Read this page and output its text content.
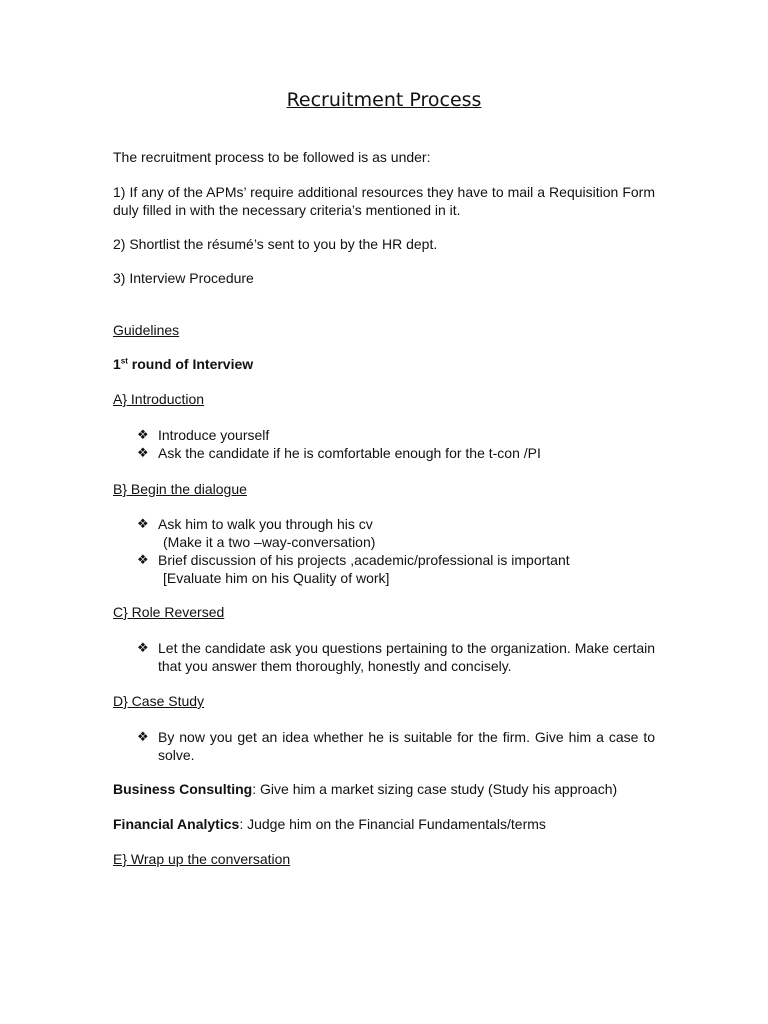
Recruitment Process
The recruitment process to be followed is as under:
1) If any of the APMs’ require additional resources they have to mail a Requisition Form duly filled in with the necessary criteria’s mentioned in it.
2) Shortlist the résumé’s sent to you by the HR dept.
3) Interview Procedure
Guidelines
1st round of Interview
A} Introduction
❖ Introduce yourself
❖ Ask the candidate if he is comfortable enough for the t-con /PI
B} Begin the dialogue
❖ Ask him to walk you through his cv
(Make it a two –way-conversation)
❖ Brief discussion of his projects ,academic/professional is important
[Evaluate him on his Quality of work]
C} Role Reversed
❖ Let the candidate ask you questions pertaining to the organization. Make certain that you answer them thoroughly, honestly and concisely.
D} Case Study
❖ By now you get an idea whether he is suitable for the firm. Give him a case to solve.
Business Consulting: Give him a market sizing case study (Study his approach)
Financial Analytics: Judge him on the Financial Fundamentals/terms
E} Wrap up the conversation
